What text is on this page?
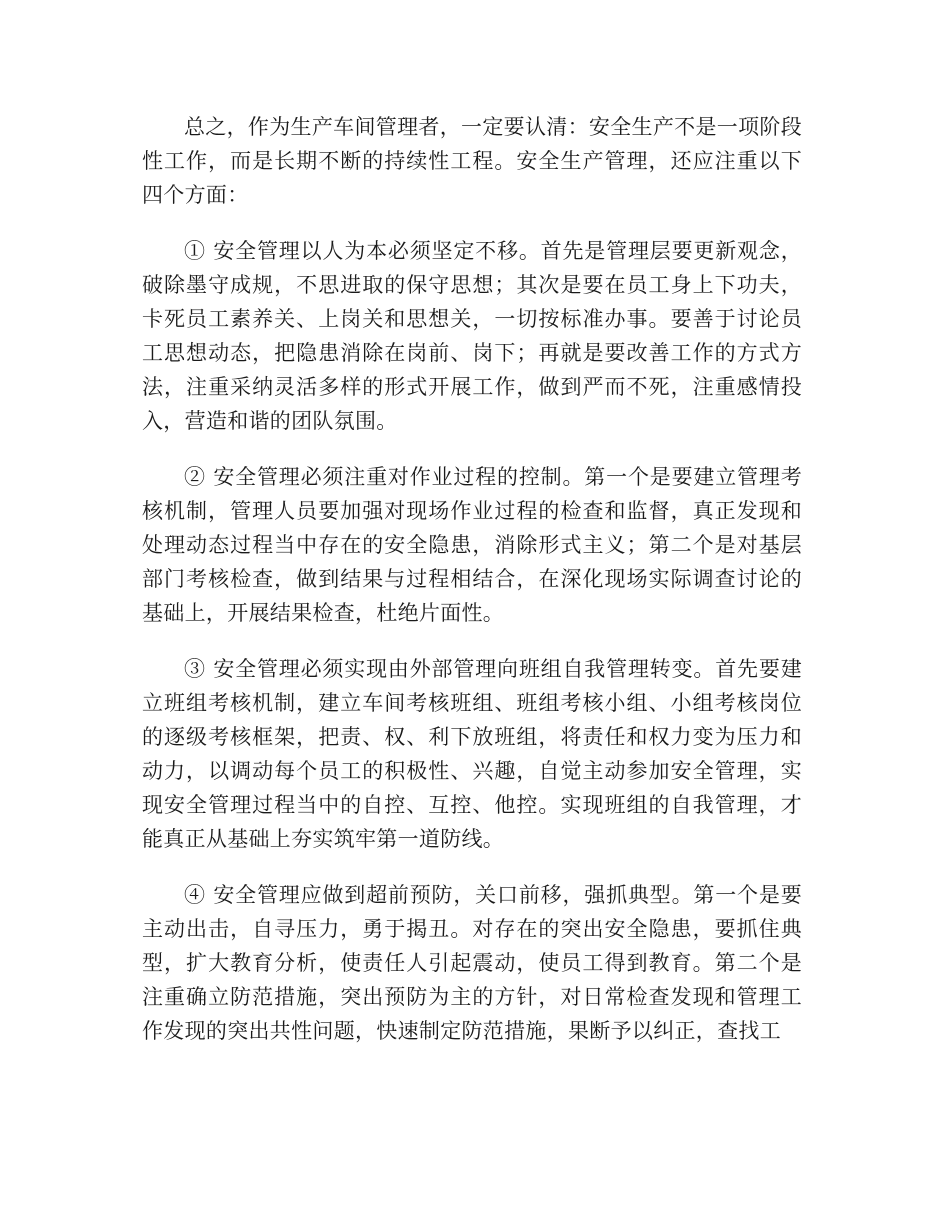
总之，作为生产车间管理者，一定要认清：安全生产不是一项阶段性工作，而是长期不断的持续性工程。安全生产管理，还应注重以下四个方面：

① 安全管理以人为本必须坚定不移。首先是管理层要更新观念，破除墨守成规，不思进取的保守思想；其次是要在员工身上下功夫，卡死员工素养关、上岗关和思想关，一切按标准办事。要善于讨论员工思想动态，把隐患消除在岗前、岗下；再就是要改善工作的方式方法，注重采纳灵活多样的形式开展工作，做到严而不死，注重感情投入，营造和谐的团队氛围。

② 安全管理必须注重对作业过程的控制。第一个是要建立管理考核机制，管理人员要加强对现场作业过程的检查和监督，真正发现和处理动态过程当中存在的安全隐患，消除形式主义；第二个是对基层部门考核检查，做到结果与过程相结合，在深化现场实际调查讨论的基础上，开展结果检查，杜绝片面性。

③ 安全管理必须实现由外部管理向班组自我管理转变。首先要建立班组考核机制，建立车间考核班组、班组考核小组、小组考核岗位的逐级考核框架，把责、权、利下放班组，将责任和权力变为压力和动力，以调动每个员工的积极性、兴趣，自觉主动参加安全管理，实现安全管理过程当中的自控、互控、他控。实现班组的自我管理，才能真正从基础上夯实筑牢第一道防线。

④ 安全管理应做到超前预防，关口前移，强抓典型。第一个是要主动出击，自寻压力，勇于揭丑。对存在的突出安全隐患，要抓住典型，扩大教育分析，使责任人引起震动，使员工得到教育。第二个是注重确立防范措施，突出预防为主的方针，对日常检查发现和管理工作发现的突出共性问题，快速制定防范措施，果断予以纠正，查找工
